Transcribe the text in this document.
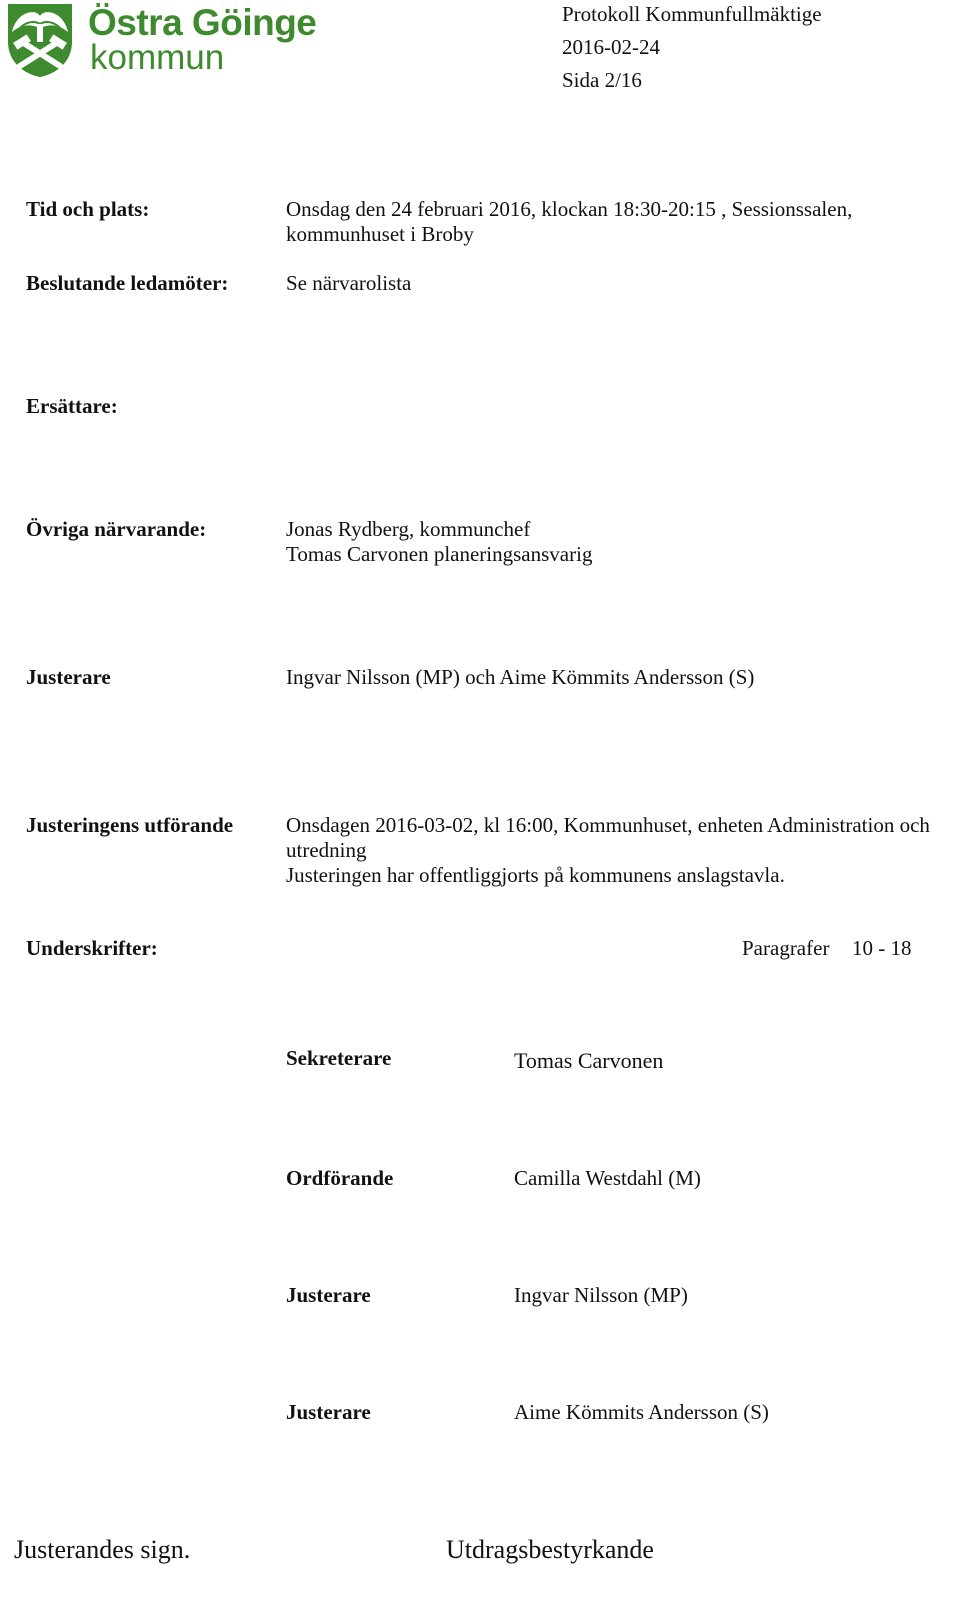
Östra Göinge
kommun
Protokoll Kommunfullmäktige
2016-02-24
Sida 2/16
Tid och plats:	Onsdag den 24 februari 2016, klockan 18:30-20:15 , Sessionssalen,
kommunhuset i Broby
Beslutande ledamöter:	Se närvarolista
Ersättare:
Övriga närvarande:	Jonas Rydberg, kommunchef
Tomas Carvonen planeringsansvarig
Justerare	Ingvar Nilsson (MP) och Aime Kömmits Andersson (S)
Justeringens utförande	Onsdagen 2016-03-02, kl 16:00, Kommunhuset, enheten Administration och
utredning
Justeringen har offentliggjorts på kommunens anslagstavla.
Underskrifter:	Paragrafer 10 - 18
Sekreterare	Tomas Carvonen
Ordförande	Camilla Westdahl (M)
Justerare	Ingvar Nilsson (MP)
Justerare	Aime Kömmits Andersson (S)
Justerandes sign.	Utdragsbestyrkande
